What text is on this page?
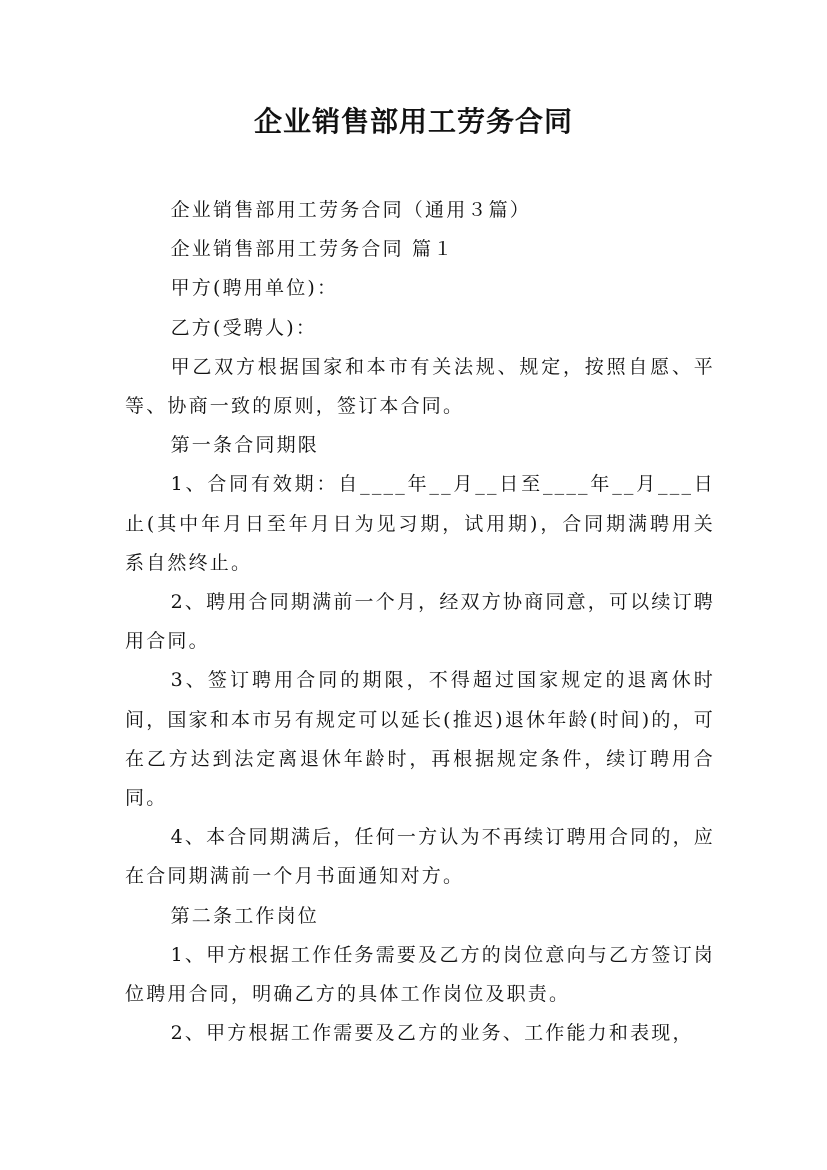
企业销售部用工劳务合同

企业销售部用工劳务合同（通用３篇）

企业销售部用工劳务合同 篇１

甲方(聘用单位)：

乙方(受聘人)：

甲乙双方根据国家和本市有关法规、规定，按照自愿、平等、协商一致的原则，签订本合同。

第一条合同期限

1、合同有效期：自____年__月__日至____年__月___日止(其中年月日至年月日为见习期，试用期)，合同期满聘用关系自然终止。

2、聘用合同期满前一个月，经双方协商同意，可以续订聘用合同。

3、签订聘用合同的期限，不得超过国家规定的退离休时间，国家和本市另有规定可以延长(推迟)退休年龄(时间)的，可在乙方达到法定离退休年龄时，再根据规定条件，续订聘用合同。

4、本合同期满后，任何一方认为不再续订聘用合同的，应在合同期满前一个月书面通知对方。

第二条工作岗位

1、甲方根据工作任务需要及乙方的岗位意向与乙方签订岗位聘用合同，明确乙方的具体工作岗位及职责。

2、甲方根据工作需要及乙方的业务、工作能力和表现，
